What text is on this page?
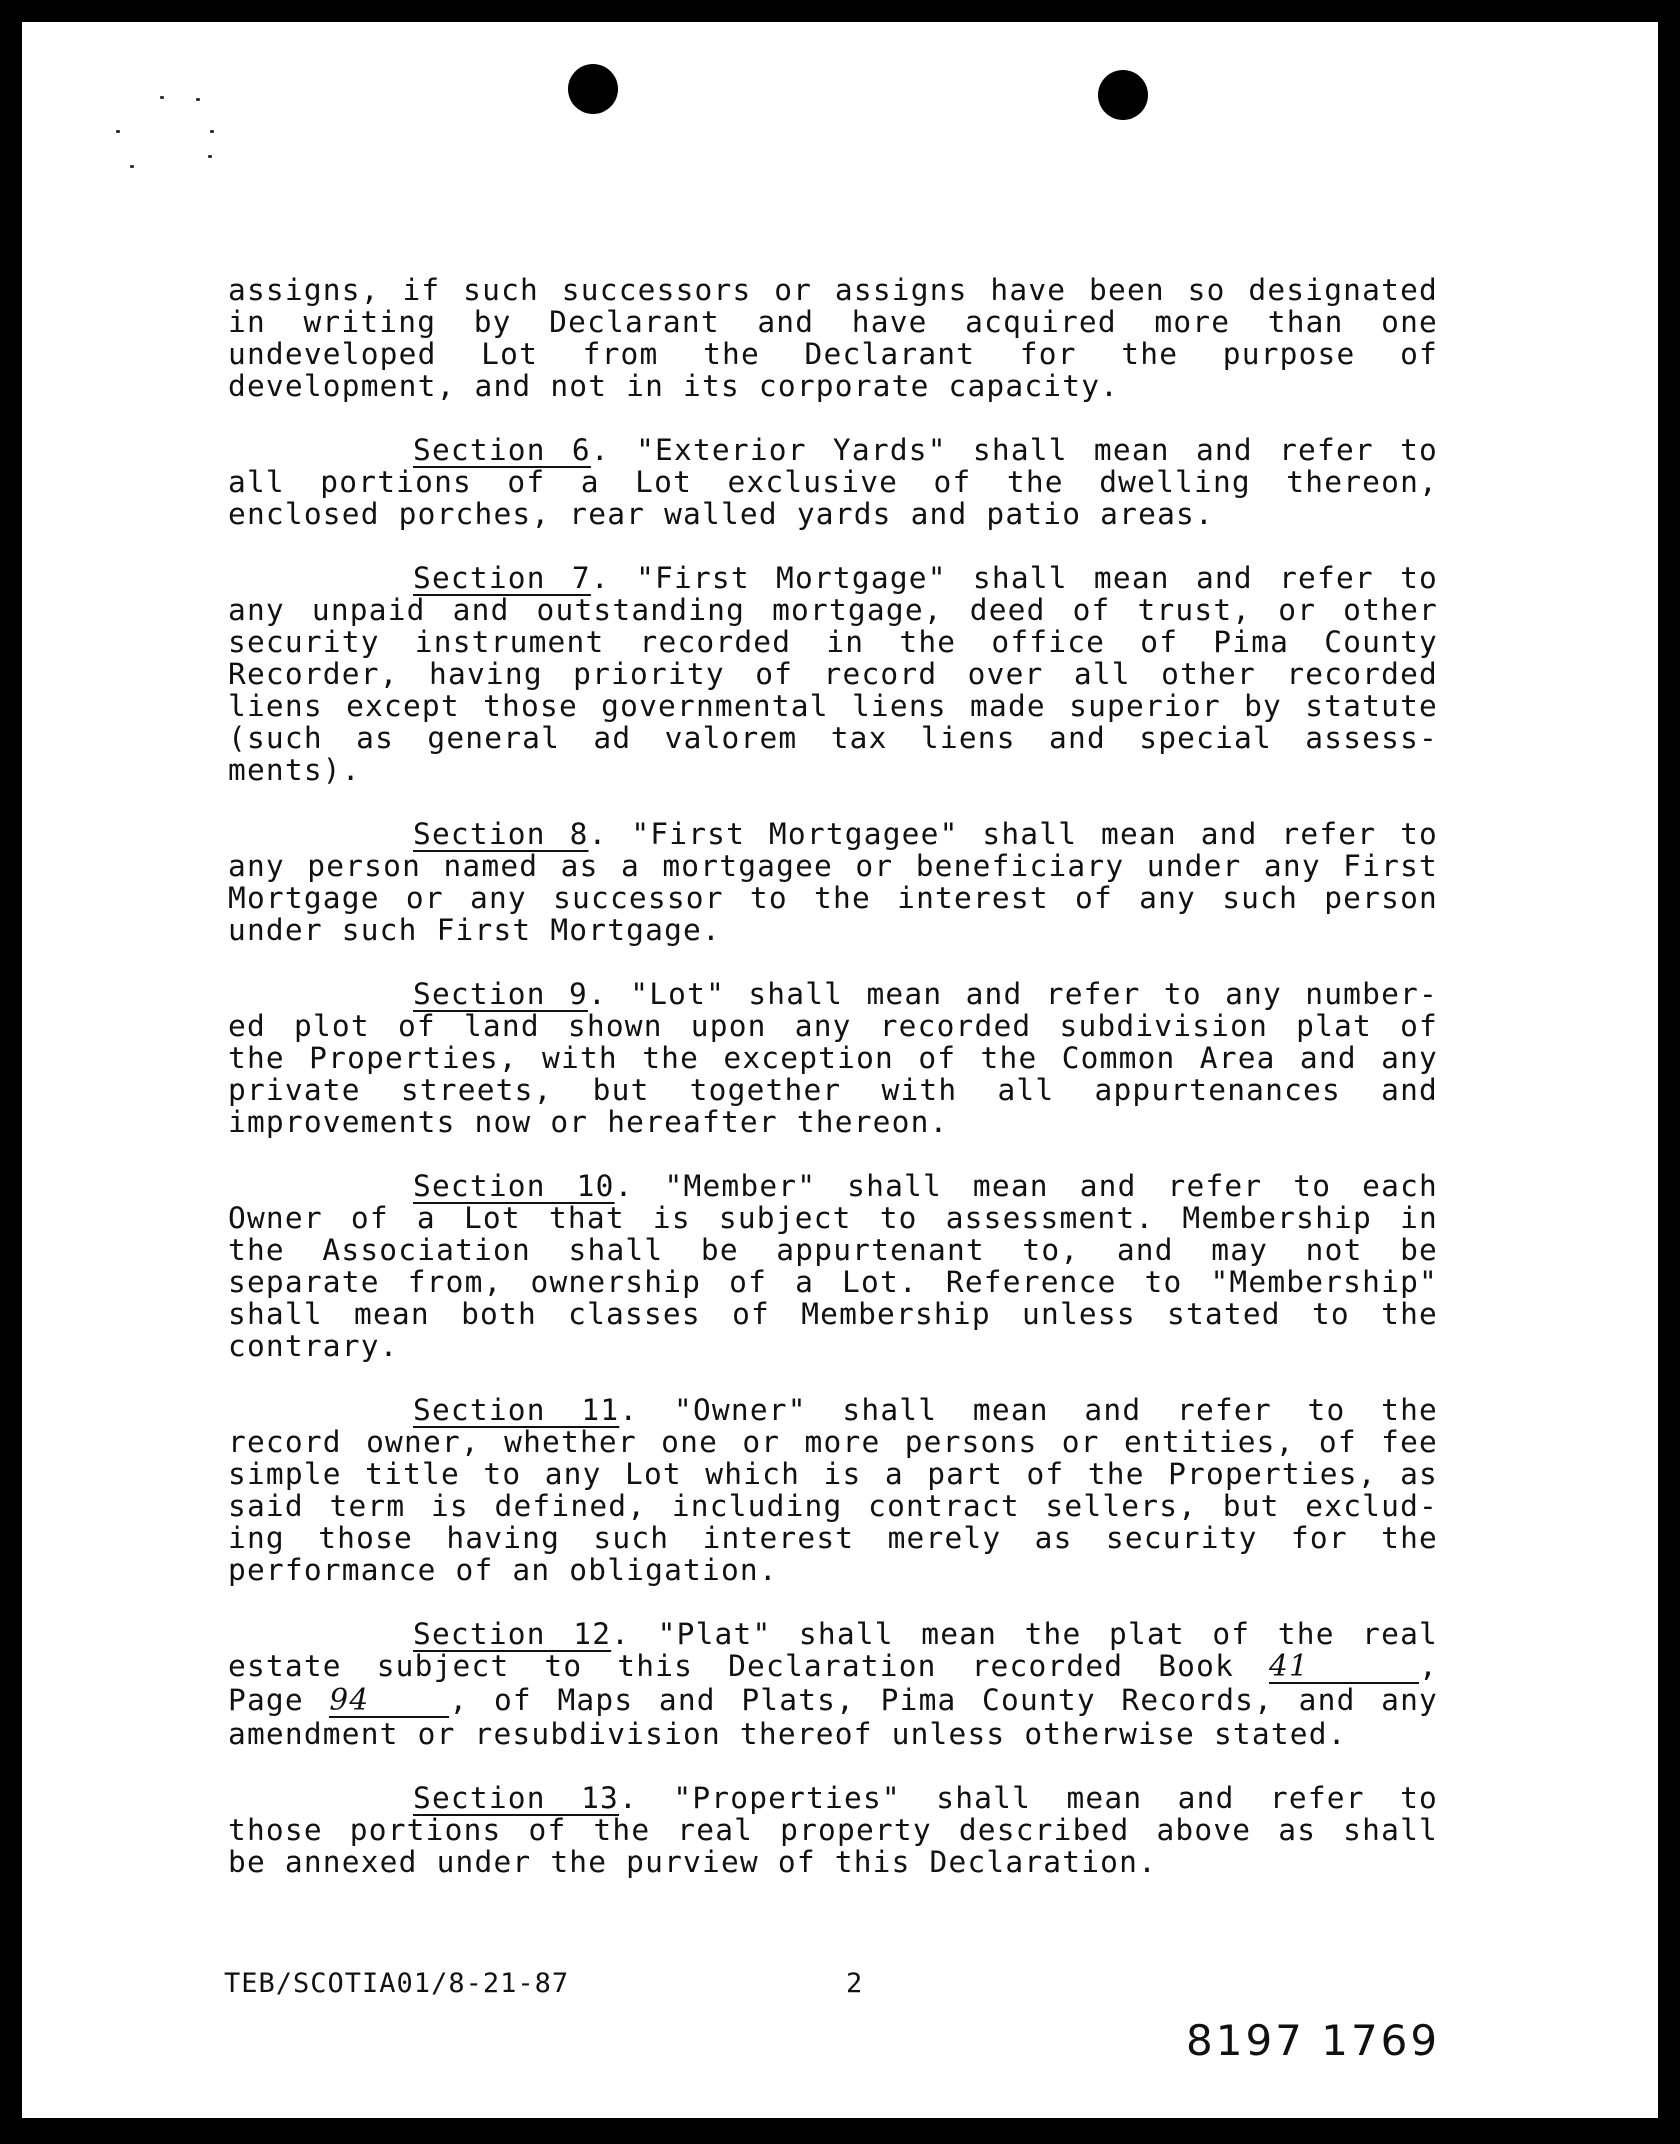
assigns, if such successors or assigns have been so designated
in writing by Declarant and have acquired more than one
undeveloped Lot from the Declarant for the purpose of
development, and not in its corporate capacity.

Section 6. "Exterior Yards" shall mean and refer to
all portions of a Lot exclusive of the dwelling thereon,
enclosed porches, rear walled yards and patio areas.

Section 7. "First Mortgage" shall mean and refer to
any unpaid and outstanding mortgage, deed of trust, or other
security instrument recorded in the office of Pima County
Recorder, having priority of record over all other recorded
liens except those governmental liens made superior by statute
(such as general ad valorem tax liens and special assess-
ments).

Section 8. "First Mortgagee" shall mean and refer to
any person named as a mortgagee or beneficiary under any First
Mortgage or any successor to the interest of any such person
under such First Mortgage.

Section 9. "Lot" shall mean and refer to any number-
ed plot of land shown upon any recorded subdivision plat of
the Properties, with the exception of the Common Area and any
private streets, but together with all appurtenances and
improvements now or hereafter thereon.

Section 10. "Member" shall mean and refer to each
Owner of a Lot that is subject to assessment. Membership in
the Association shall be appurtenant to, and may not be
separate from, ownership of a Lot. Reference to "Membership"
shall mean both classes of Membership unless stated to the
contrary.

Section 11. "Owner" shall mean and refer to the
record owner, whether one or more persons or entities, of fee
simple title to any Lot which is a part of the Properties, as
said term is defined, including contract sellers, but exclud-
ing those having such interest merely as security for the
performance of an obligation.

Section 12. "Plat" shall mean the plat of the real
estate subject to this Declaration recorded Book 41	,
Page 94	, of Maps and Plats, Pima County Records, and any
amendment or resubdivision thereof unless otherwise stated.

Section 13. "Properties" shall mean and refer to
those portions of the real property described above as shall
be annexed under the purview of this Declaration.

TEB/SCOTIA01/8-21-87	2
8197 1769
